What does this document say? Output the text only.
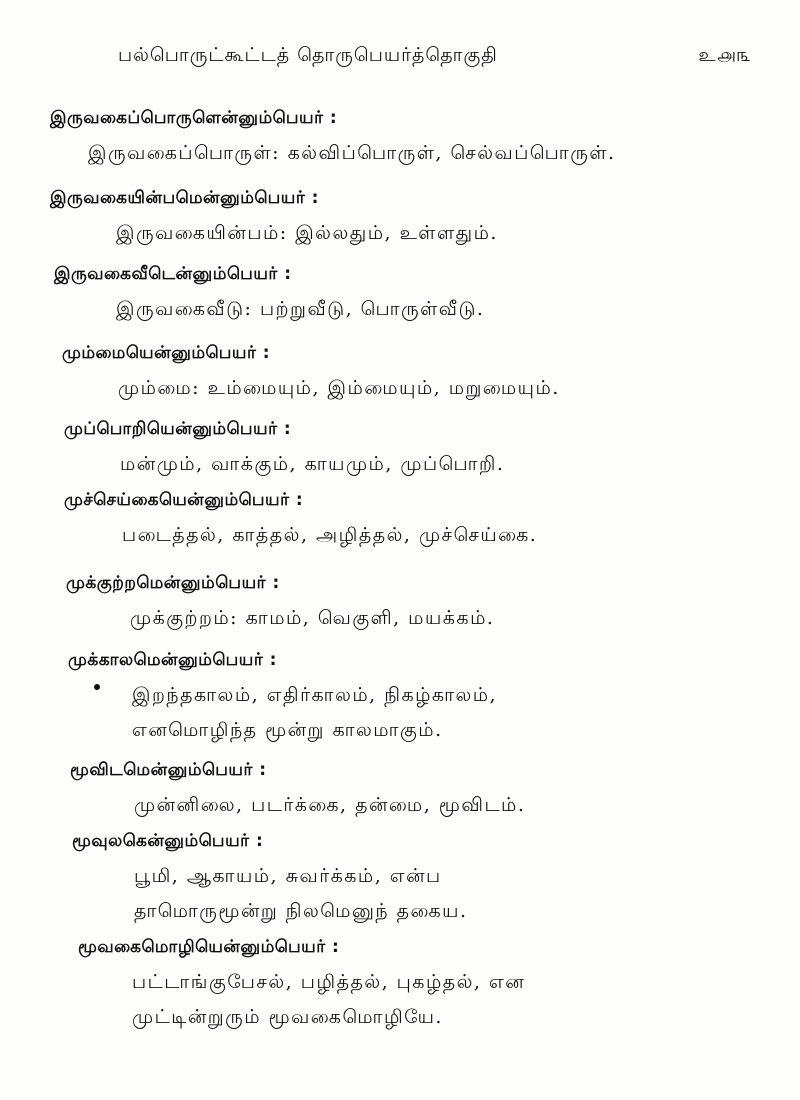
பல்பொருட்கூட்டத் தொருபெயர்த்தொகுதி	உ௮௩
இருவகைப்பொருளென்னும்பெயர் :
இருவகைப்பொருள்: கல்விப்பொருள், செல்வப்பொருள்.
இருவகையின்பமென்னும்பெயர் :
இருவகையின்பம்: இல்லதும், உள்ளதும்.
இருவகைவீடென்னும்பெயர் :
இருவகைவீடு: பற்றுவீடு, பொருள்வீடு.
மும்மையென்னும்பெயர் :
மும்மை: உம்மையும், இம்மையும், மறுமையும்.
முப்பொறியென்னும்பெயர் :
மன்மும், வாக்கும், காயமும், முப்பொறி.
முச்செய்கையென்னும்பெயர் :
படைத்தல், காத்தல், அழித்தல், முச்செய்கை.
முக்குற்றமென்னும்பெயர் :
முக்குற்றம்: காமம், வெகுளி, மயக்கம்.
முக்காலமென்னும்பெயர் :
இறந்தகாலம், எதிர்காலம், நிகழ்காலம்,
எனமொழிந்த மூன்று காலமாகும்.
மூவிடமென்னும்பெயர் :
முன்னிலை, படர்க்கை, தன்மை, மூவிடம்.
மூவுலகென்னும்பெயர் :
பூமி, ஆகாயம், சுவர்க்கம், என்ப
தாமொருமூன்று நிலமெனுந் தகைய.
மூவகைமொழியென்னும்பெயர் :
பட்டாங்குபேசல், பழித்தல், புகழ்தல், என
முட்டின்றுரும் மூவகைமொழியே.
